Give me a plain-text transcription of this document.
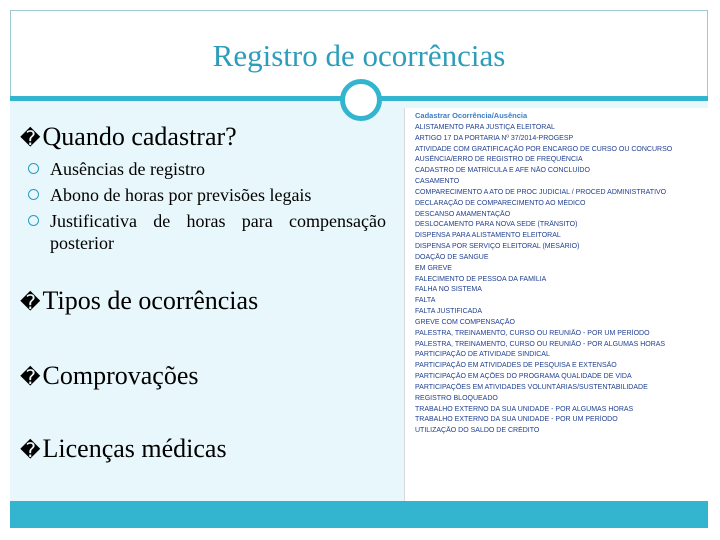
Registro de ocorrências
�Quando cadastrar?
Ausências de registro
Abono de horas por previsões legais
Justificativa de horas para compensação posterior
�Tipos de ocorrências
�Comprovações
�Licenças médicas
Cadastrar Ocorrência/Ausência
ALISTAMENTO PARA JUSTIÇA ELEITORAL
ARTIGO 17 DA PORTARIA Nº 37/2014-PROGESP
ATIVIDADE COM GRATIFICAÇÃO POR ENCARGO DE CURSO OU CONCURSO
AUSÊNCIA/ERRO DE REGISTRO DE FREQUÊNCIA
CADASTRO DE MATRÍCULA E AFE NÃO CONCLUÍDO
CASAMENTO
COMPARECIMENTO A ATO DE PROC JUDICIAL / PROCED ADMINISTRATIVO
DECLARAÇÃO DE COMPARECIMENTO AO MÉDICO
DESCANSO AMAMENTAÇÃO
DESLOCAMENTO PARA NOVA SEDE (TRÂNSITO)
DISPENSA PARA ALISTAMENTO ELEITORAL
DISPENSA POR SERVIÇO ELEITORAL (MESÁRIO)
DOAÇÃO DE SANGUE
EM GREVE
FALECIMENTO DE PESSOA DA FAMÍLIA
FALHA NO SISTEMA
FALTA
FALTA JUSTIFICADA
GREVE COM COMPENSAÇÃO
PALESTRA, TREINAMENTO, CURSO OU REUNIÃO - POR UM PERÍODO
PALESTRA, TREINAMENTO, CURSO OU REUNIÃO - POR ALGUMAS HORAS
PARTICIPAÇÃO DE ATIVIDADE SINDICAL
PARTICIPAÇÃO EM ATIVIDADES DE PESQUISA E EXTENSÃO
PARTICIPAÇÃO EM AÇÕES DO PROGRAMA QUALIDADE DE VIDA
PARTICIPAÇÕES EM ATIVIDADES VOLUNTÁRIAS/SUSTENTABILIDADE
REGISTRO BLOQUEADO
TRABALHO EXTERNO DA SUA UNIDADE - POR ALGUMAS HORAS
TRABALHO EXTERNO DA SUA UNIDADE - POR UM PERÍODO
UTILIZAÇÃO DO SALDO DE CRÉDITO
